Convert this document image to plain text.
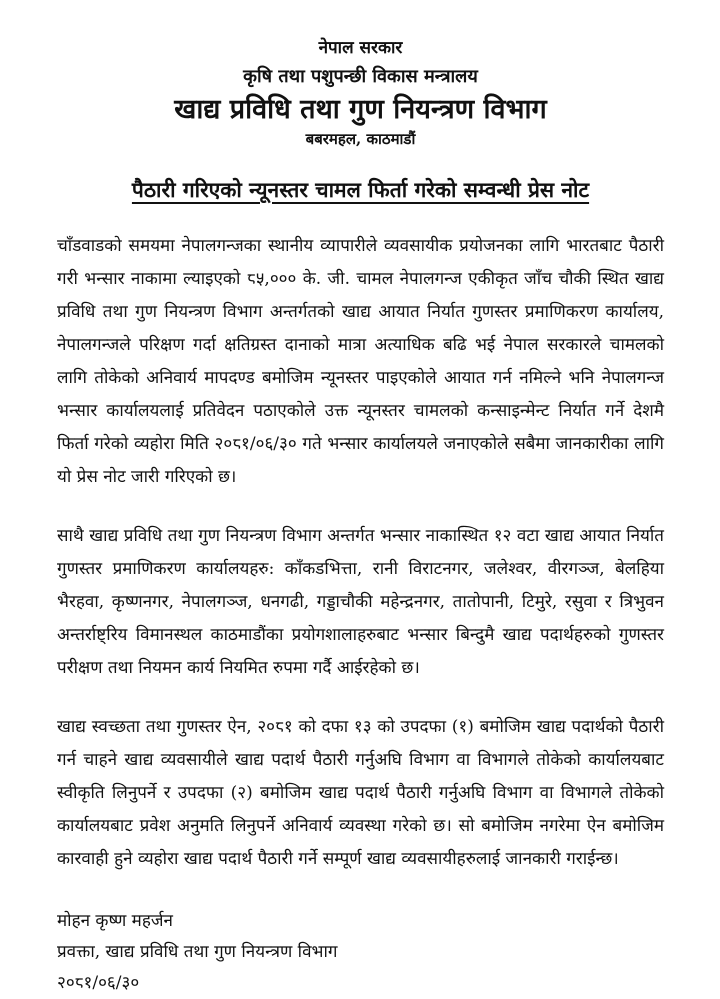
नेपाल सरकार
कृषि तथा पशुपन्छी विकास मन्त्रालय
खाद्य प्रविधि तथा गुण नियन्त्रण विभाग
बबरमहल, काठमाडौं
पैठारी गरिएको न्यूनस्तर चामल फिर्ता गरेको सम्वन्धी प्रेस नोट

चाँडवाडको समयमा नेपालगन्जका स्थानीय व्यापारीले व्यवसायीक प्रयोजनका लागि भारतबाट पैठारी गरी भन्सार नाकामा ल्याइएको ८५,००० के. जी. चामल नेपालगन्ज एकीकृत जाँच चौकी स्थित खाद्य प्रविधि तथा गुण नियन्त्रण विभाग अन्तर्गतको खाद्य आयात निर्यात गुणस्तर प्रमाणिकरण कार्यालय, नेपालगन्जले परिक्षण गर्दा क्षतिग्रस्त दानाको मात्रा अत्याधिक बढि भई नेपाल सरकारले चामलको लागि तोकेको अनिवार्य मापदण्ड बमोजिम न्यूनस्तर पाइएकोले आयात गर्न नमिल्ने भनि नेपालगन्ज भन्सार कार्यालयलाई प्रतिवेदन पठाएकोले उक्त न्यूनस्तर चामलको कन्साइन्मेन्ट निर्यात गर्ने देशमै फिर्ता गरेको व्यहोरा मिति २०८१/०६/३० गते भन्सार कार्यालयले जनाएकोले सबैमा जानकारीका लागि यो प्रेस नोट जारी गरिएको छ।

साथै खाद्य प्रविधि तथा गुण नियन्त्रण विभाग अन्तर्गत भन्सार नाकास्थित १२ वटा खाद्य आयात निर्यात गुणस्तर प्रमाणिकरण कार्यालयहरु: काँकडभित्ता, रानी विराटनगर, जलेश्वर, वीरगञ्ज, बेलहिया भैरहवा, कृष्णनगर, नेपालगञ्ज, धनगढी, गड्डाचौकी महेन्द्रनगर, तातोपानी, टिमुरे, रसुवा र त्रिभुवन अन्तर्राष्ट्रिय विमानस्थल काठमाडौंका प्रयोगशालाहरुबाट भन्सार बिन्दुमै खाद्य पदार्थहरुको गुणस्तर परीक्षण तथा नियमन कार्य नियमित रुपमा गर्दै आईरहेको छ।

खाद्य स्वच्छता तथा गुणस्तर ऐन, २०८१ को दफा १३ को उपदफा (१) बमोजिम खाद्य पदार्थको पैठारी गर्न चाहने खाद्य व्यवसायीले खाद्य पदार्थ पैठारी गर्नुअघि विभाग वा विभागले तोकेको कार्यालयबाट स्वीकृति लिनुपर्ने र उपदफा (२) बमोजिम खाद्य पदार्थ पैठारी गर्नुअघि विभाग वा विभागले तोकेको कार्यालयबाट प्रवेश अनुमति लिनुपर्ने अनिवार्य व्यवस्था गरेको छ। सो बमोजिम नगरेमा ऐन बमोजिम कारवाही हुने व्यहोरा खाद्य पदार्थ पैठारी गर्ने सम्पूर्ण खाद्य व्यवसायीहरुलाई जानकारी गराईन्छ।

मोहन कृष्ण महर्जन
प्रवक्ता, खाद्य प्रविधि तथा गुण नियन्त्रण विभाग
२०८१/०६/३०
